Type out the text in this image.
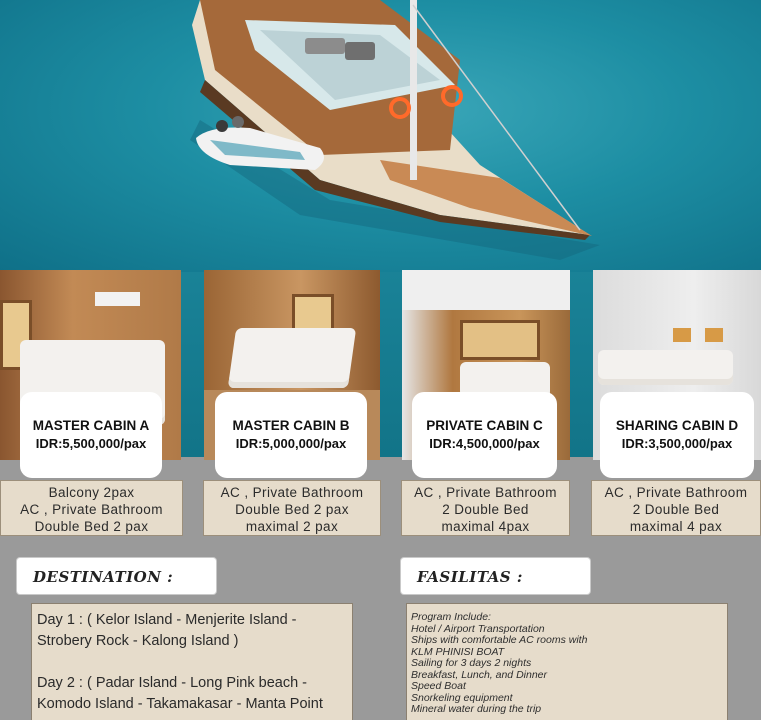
MASTER CABIN A
IDR:5,500,000/pax
MASTER CABIN B
IDR:5,000,000/pax
PRIVATE CABIN C
IDR:4,500,000/pax
SHARING CABIN D
IDR:3,500,000/pax
Balcony 2pax
AC , Private Bathroom
Double Bed 2 pax
AC , Private Bathroom
Double Bed 2 pax
maximal 2 pax
AC , Private Bathroom
2 Double Bed
maximal 4pax
AC , Private Bathroom
2 Double Bed
maximal 4 pax
DESTINATION :
Day 1 : ( Kelor Island - Menjerite Island -

Strobery Rock - Kalong Island )

Day 2 : ( Padar Island - Long Pink beach -
Komodo Island - Takamakasar - Manta Point
FASILITAS :
Program Include:
Hotel / Airport Transportation
Ships with comfortable AC rooms with
KLM PHINISI BOAT
Sailing for 3 days 2 nights
Breakfast, Lunch, and Dinner
Speed Boat
Snorkeling equipment
Mineral water during the trip
